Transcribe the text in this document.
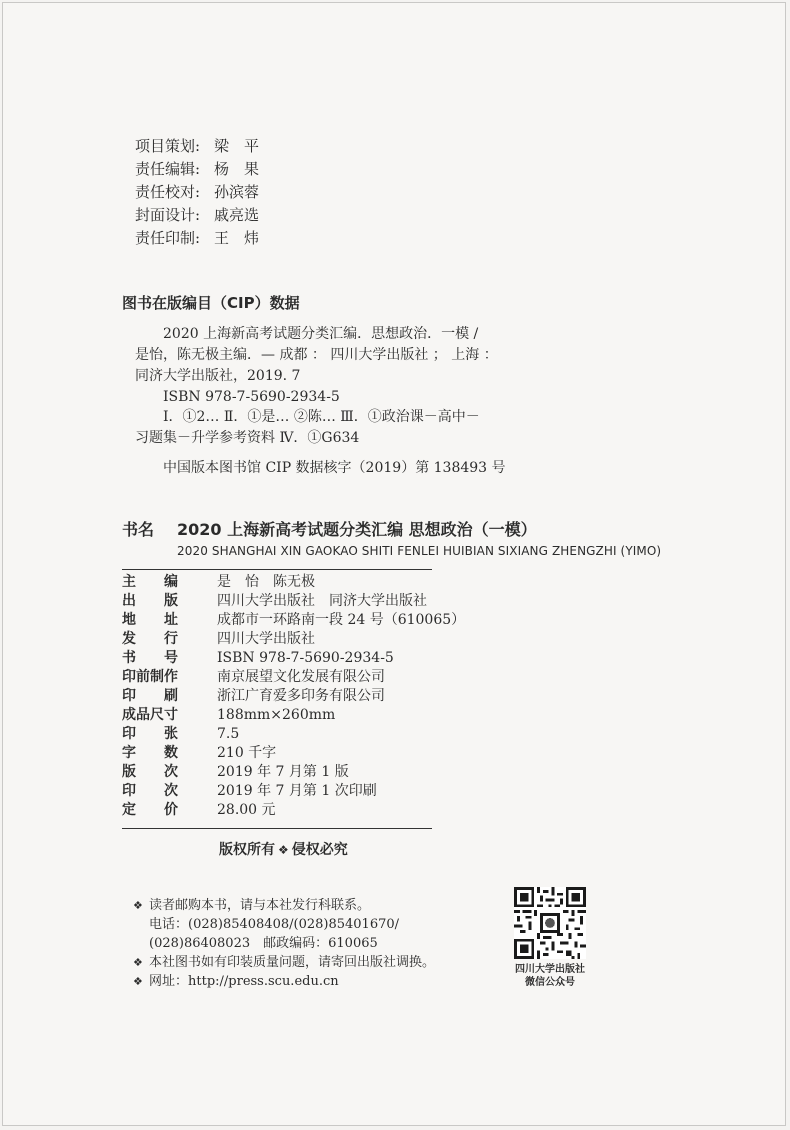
项目策划: 梁　平
责任编辑: 杨　果
责任校对: 孙滨蓉
封面设计: 戚亮选
责任印制: 王　炜
图书在版编目（CIP）数据
2020 上海新高考试题分类汇编．思想政治．一模 /
是怡，陈无极主编．— 成都 ： 四川大学出版社 ； 上海 ：
同济大学出版社，2019. 7
ISBN 978-7-5690-2934-5
Ⅰ．①2… Ⅱ．①是… ②陈… Ⅲ．①政治课－高中－
习题集－升学参考资料 Ⅳ．①G634
中国版本图书馆 CIP 数据核字（2019）第 138493 号
书名 2020 上海新高考试题分类汇编 思想政治（一模）
2020 SHANGHAI XIN GAOKAO SHITI FENLEI HUIBIAN SIXIANG ZHENGZHI (YIMO)
主　　编	是　怡　陈无极
出　　版	四川大学出版社　同济大学出版社
地　　址	成都市一环路南一段 24 号（610065）
发　　行	四川大学出版社
书　　号	ISBN 978-7-5690-2934-5
印前制作	南京展望文化发展有限公司
印　　刷	浙江广育爱多印务有限公司
成品尺寸	188mm×260mm
印　　张	7.5
字　　数	210 千字
版　　次	2019 年 7 月第 1 版
印　　次	2019 年 7 月第 1 次印刷
定　　价	28.00 元
版权所有 ❖ 侵权必究
❖ 读者邮购本书，请与本社发行科联系。
电话：(028)85408408/(028)85401670/
(028)86408023　邮政编码：610065
❖ 本社图书如有印装质量问题，请寄回出版社调换。
❖ 网址：http://press.scu.edu.cn
四川大学出版社
微信公众号
